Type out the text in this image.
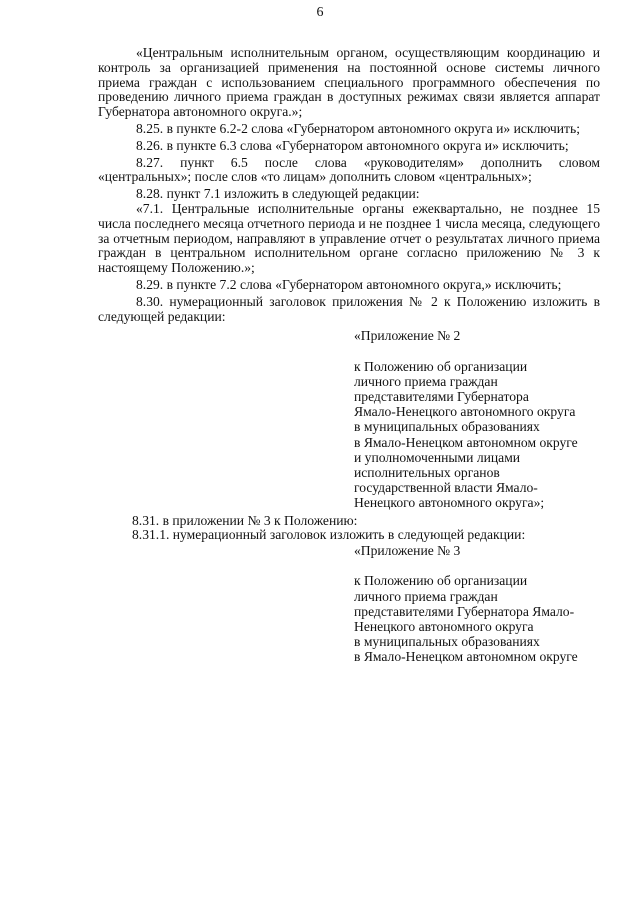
6

«Центральным исполнительным органом, осуществляющим координацию и контроль за организацией применения на постоянной основе системы личного приема граждан с использованием специального программного обеспечения по проведению личного приема граждан в доступных режимах связи является аппарат Губернатора автономного округа.»;

8.25. в пункте 6.2-2 слова «Губернатором автономного округа и» исключить;

8.26. в пункте 6.3 слова «Губернатором автономного округа и» исключить;

8.27. пункт 6.5 после слова «руководителям» дополнить словом «центральных»; после слов «то лицам» дополнить словом «центральных»;

8.28. пункт 7.1 изложить в следующей редакции:

«7.1. Центральные исполнительные органы ежеквартально, не позднее 15 числа последнего месяца отчетного периода и не позднее 1 числа месяца, следующего за отчетным периодом, направляют в управление отчет о результатах личного приема граждан в центральном исполнительном органе согласно приложению № 3 к настоящему Положению.»;

8.29. в пункте 7.2 слова «Губернатором автономного округа,» исключить;

8.30. нумерационный заголовок приложения № 2 к Положению изложить в следующей редакции:

«Приложение № 2
к Положению об организации
личного приема граждан
представителями Губернатора
Ямало-Ненецкого автономного округа
в муниципальных образованиях
в Ямало-Ненецком автономном округе
и уполномоченными лицами
исполнительных органов
государственной власти Ямало-
Ненецкого автономного округа»;

8.31. в приложении № 3 к Положению:

8.31.1. нумерационный заголовок изложить в следующей редакции:

«Приложение № 3
к Положению об организации
личного приема граждан
представителями Губернатора Ямало-
Ненецкого автономного округа
в муниципальных образованиях
в Ямало-Ненецком автономном округе
